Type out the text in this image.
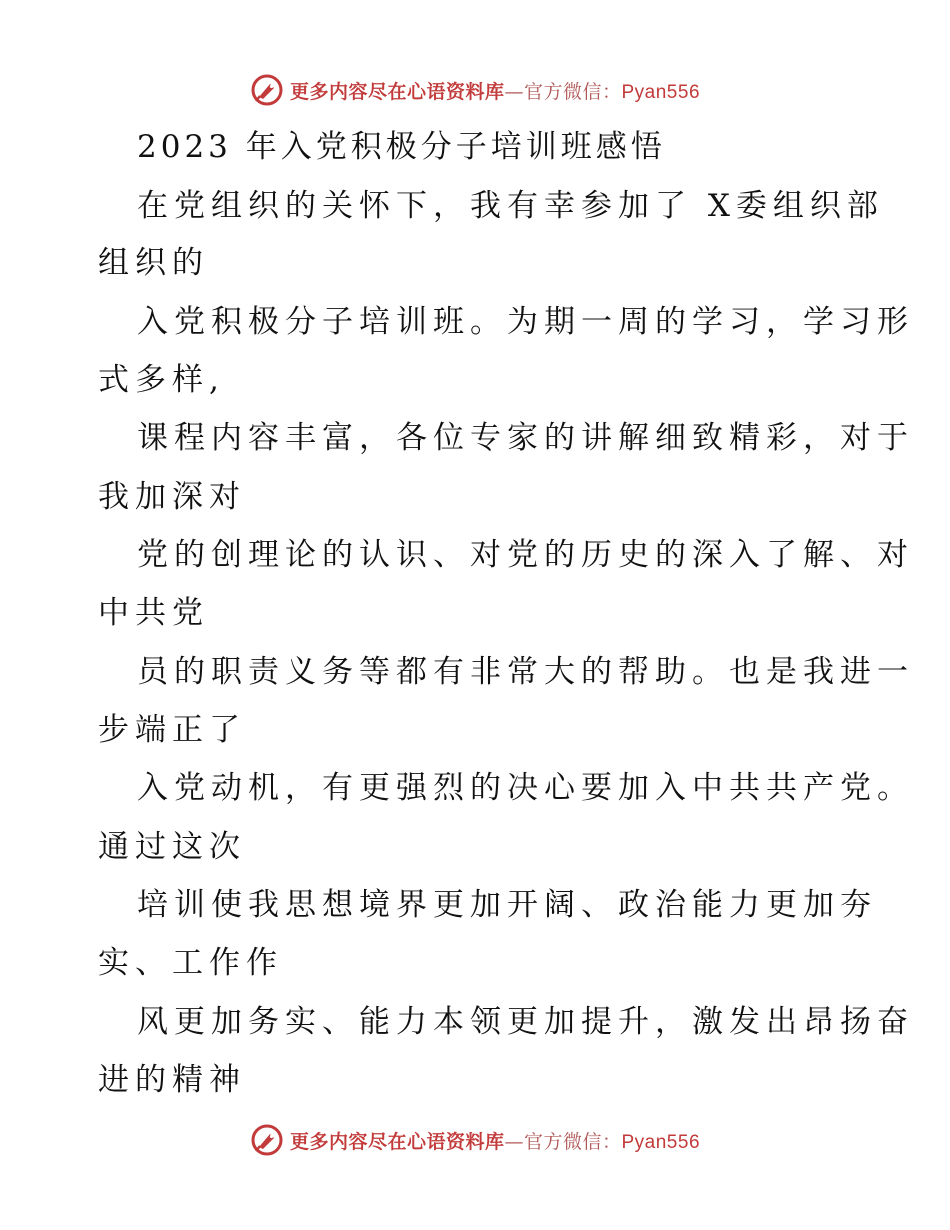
更多内容尽在心语资料库—官方微信：Pyan556
2023 年入党积极分子培训班感悟
在党组织的关怀下，我有幸参加了 X委组织部
组织的
入党积极分子培训班。为期一周的学习，学习形
式多样,
课程内容丰富，各位专家的讲解细致精彩，对于
我加深对
党的创理论的认识、对党的历史的深入了解、对
中共党
员的职责义务等都有非常大的帮助。也是我进一
步端正了
入党动机，有更强烈的决心要加入中共共产党。
通过这次
培训使我思想境界更加开阔、政治能力更加夯
实、工作作
风更加务实、能力本领更加提升，激发出昂扬奋
进的精神
更多内容尽在心语资料库—官方微信：Pyan556
